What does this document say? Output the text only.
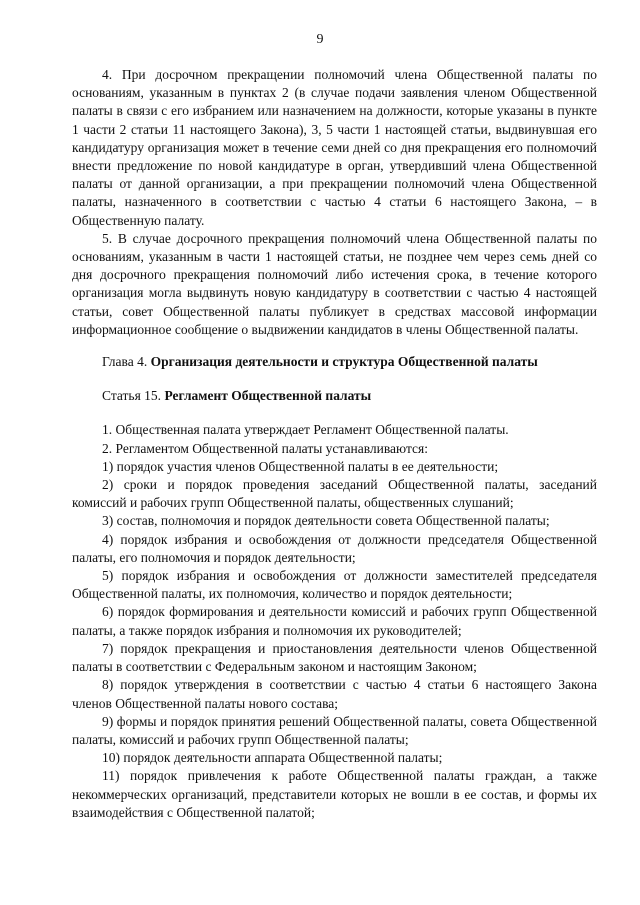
9

4. При досрочном прекращении полномочий члена Общественной палаты по основаниям, указанным в пунктах 2 (в случае подачи заявления членом Общественной палаты в связи с его избранием или назначением на должности, которые указаны в пункте 1 части 2 статьи 11 настоящего Закона), 3, 5 части 1 настоящей статьи, выдвинувшая его кандидатуру организация может в течение семи дней со дня прекращения его полномочий внести предложение по новой кандидатуре в орган, утвердивший члена Общественной палаты от данной организации, а при прекращении полномочий члена Общественной палаты, назначенного в соответствии с частью 4 статьи 6 настоящего Закона, – в Общественную палату.

5. В случае досрочного прекращения полномочий члена Общественной палаты по основаниям, указанным в части 1 настоящей статьи, не позднее чем через семь дней со дня досрочного прекращения полномочий либо истечения срока, в течение которого организация могла выдвинуть новую кандидатуру в соответствии с частью 4 настоящей статьи, совет Общественной палаты публикует в средствах массовой информации информационное сообщение о выдвижении кандидатов в члены Общественной палаты.

Глава 4. Организация деятельности и структура Общественной палаты

Статья 15. Регламент Общественной палаты

1. Общественная палата утверждает Регламент Общественной палаты.

2. Регламентом Общественной палаты устанавливаются:

1) порядок участия членов Общественной палаты в ее деятельности;

2) сроки и порядок проведения заседаний Общественной палаты, заседаний комиссий и рабочих групп Общественной палаты, общественных слушаний;

3) состав, полномочия и порядок деятельности совета Общественной палаты;

4) порядок избрания и освобождения от должности председателя Общественной палаты, его полномочия и порядок деятельности;

5) порядок избрания и освобождения от должности заместителей председателя Общественной палаты, их полномочия, количество и порядок деятельности;

6) порядок формирования и деятельности комиссий и рабочих групп Общественной палаты, а также порядок избрания и полномочия их руководителей;

7) порядок прекращения и приостановления деятельности членов Общественной палаты в соответствии с Федеральным законом и настоящим Законом;

8) порядок утверждения в соответствии с частью 4 статьи 6 настоящего Закона членов Общественной палаты нового состава;

9) формы и порядок принятия решений Общественной палаты, совета Общественной палаты, комиссий и рабочих групп Общественной палаты;

10) порядок деятельности аппарата Общественной палаты;

11) порядок привлечения к работе Общественной палаты граждан, а также некоммерческих организаций, представители которых не вошли в ее состав, и формы их взаимодействия с Общественной палатой;
